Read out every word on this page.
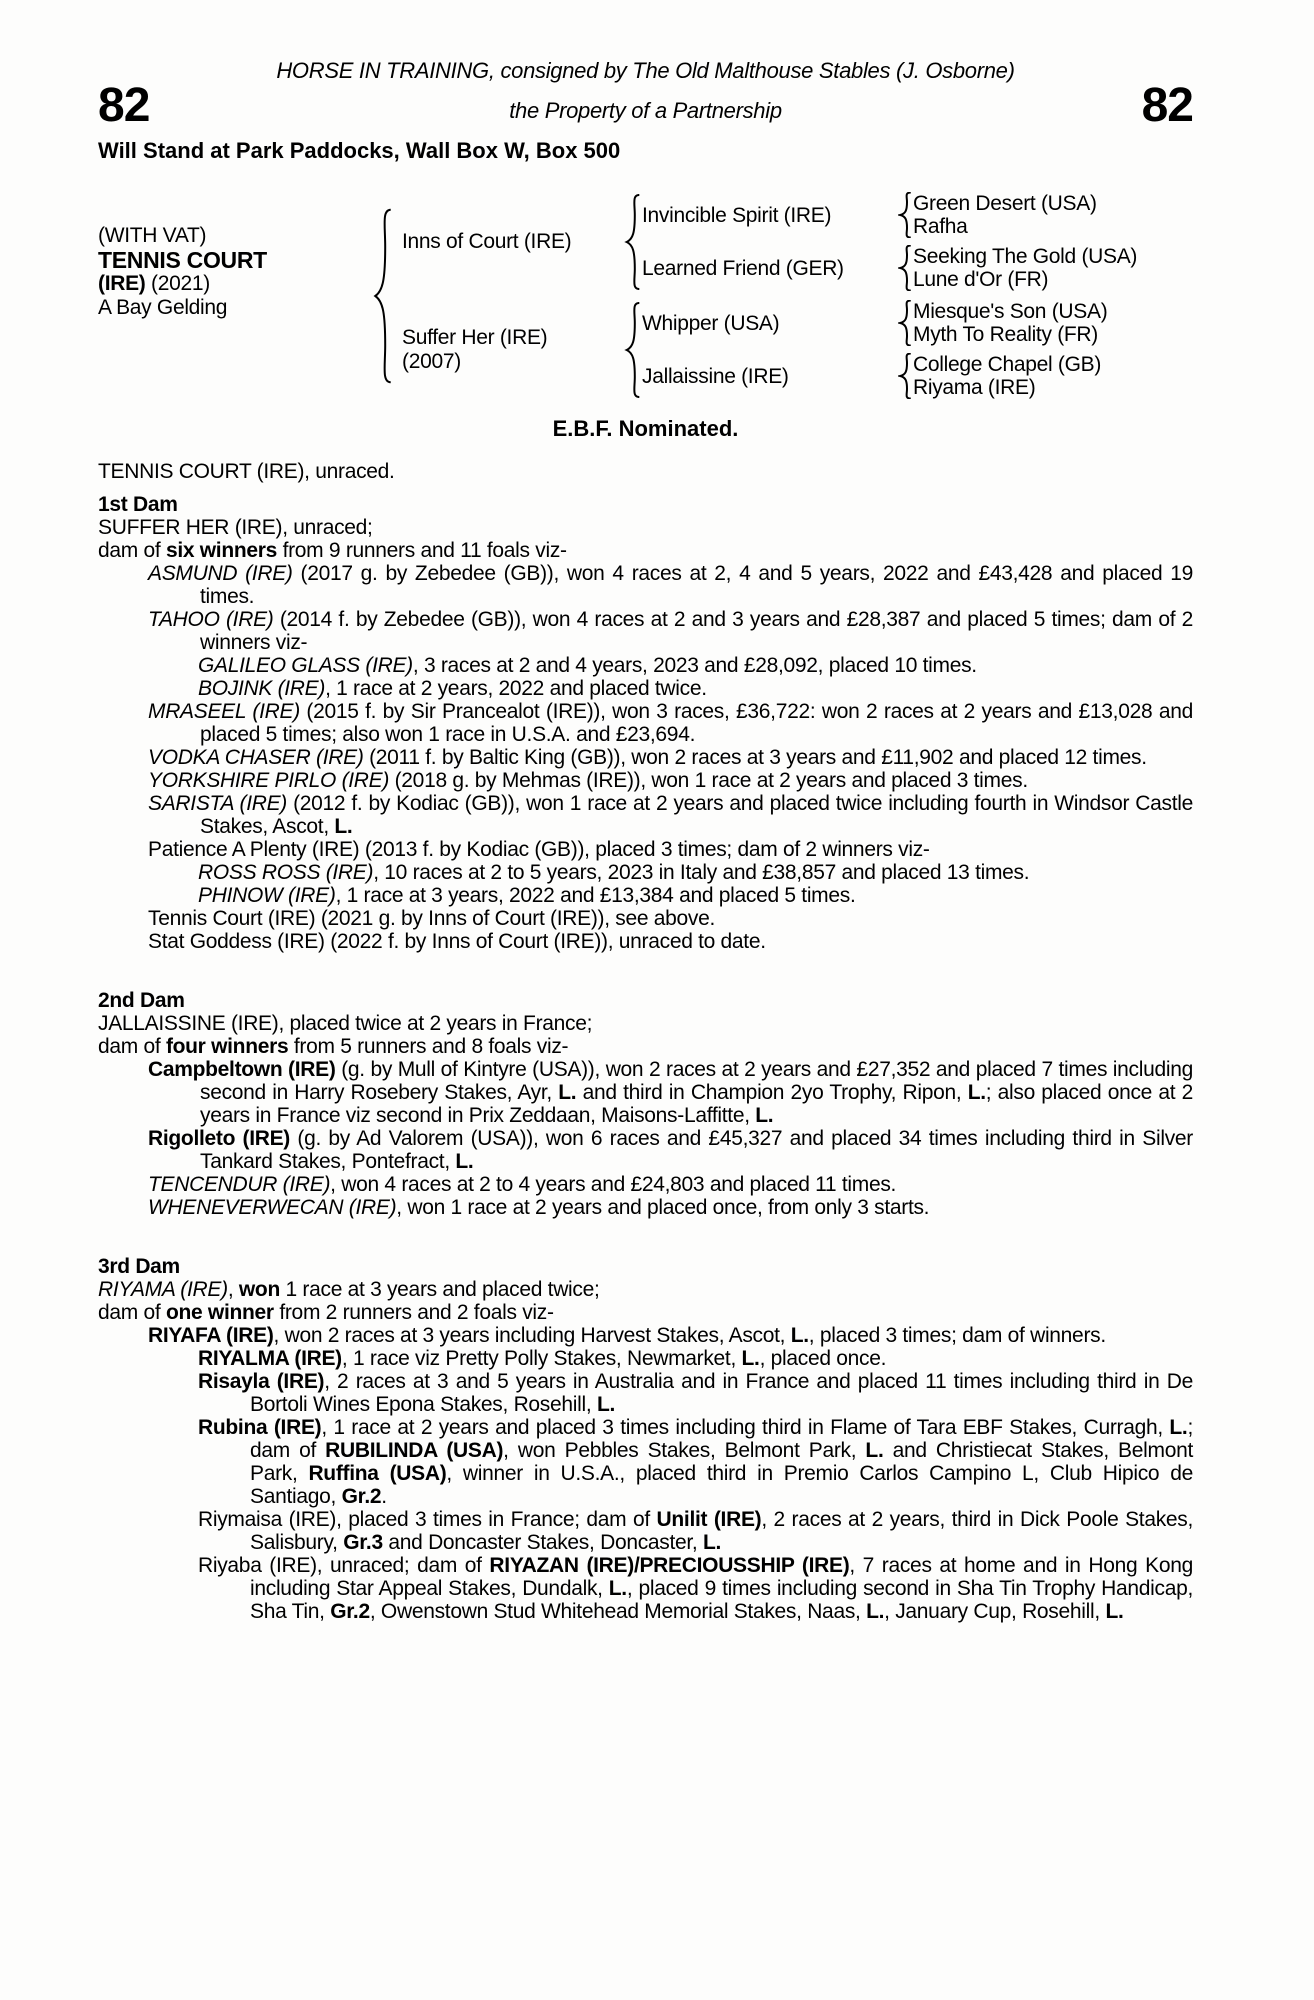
HORSE IN TRAINING, consigned by The Old Malthouse Stables (J. Osborne)
82	the Property of a Partnership	82
Will Stand at Park Paddocks, Wall Box W, Box 500
(WITH VAT)
TENNIS COURT
(IRE) (2021)
A Bay Gelding
Inns of Court (IRE)
Invincible Spirit (IRE)	Green Desert (USA)
Rafha
Learned Friend (GER)	Seeking The Gold (USA)
Lune d'Or (FR)
Suffer Her (IRE)
(2007)
Whipper (USA)	Miesque's Son (USA)
Myth To Reality (FR)
Jallaissine (IRE)	College Chapel (GB)
Riyama (IRE)
E.B.F. Nominated.
TENNIS COURT (IRE), unraced.
1st Dam
SUFFER HER (IRE), unraced;
dam of six winners from 9 runners and 11 foals viz-
ASMUND (IRE) (2017 g. by Zebedee (GB)), won 4 races at 2, 4 and 5 years, 2022 and £43,428 and placed 19 times.
TAHOO (IRE) (2014 f. by Zebedee (GB)), won 4 races at 2 and 3 years and £28,387 and placed 5 times; dam of 2 winners viz-
GALILEO GLASS (IRE), 3 races at 2 and 4 years, 2023 and £28,092, placed 10 times.
BOJINK (IRE), 1 race at 2 years, 2022 and placed twice.
MRASEEL (IRE) (2015 f. by Sir Prancealot (IRE)), won 3 races, £36,722: won 2 races at 2 years and £13,028 and placed 5 times; also won 1 race in U.S.A. and £23,694.
VODKA CHASER (IRE) (2011 f. by Baltic King (GB)), won 2 races at 3 years and £11,902 and placed 12 times.
YORKSHIRE PIRLO (IRE) (2018 g. by Mehmas (IRE)), won 1 race at 2 years and placed 3 times.
SARISTA (IRE) (2012 f. by Kodiac (GB)), won 1 race at 2 years and placed twice including fourth in Windsor Castle Stakes, Ascot, L.
Patience A Plenty (IRE) (2013 f. by Kodiac (GB)), placed 3 times; dam of 2 winners viz-
ROSS ROSS (IRE), 10 races at 2 to 5 years, 2023 in Italy and £38,857 and placed 13 times.
PHINOW (IRE), 1 race at 3 years, 2022 and £13,384 and placed 5 times.
Tennis Court (IRE) (2021 g. by Inns of Court (IRE)), see above.
Stat Goddess (IRE) (2022 f. by Inns of Court (IRE)), unraced to date.
2nd Dam
JALLAISSINE (IRE), placed twice at 2 years in France;
dam of four winners from 5 runners and 8 foals viz-
Campbeltown (IRE) (g. by Mull of Kintyre (USA)), won 2 races at 2 years and £27,352 and placed 7 times including second in Harry Rosebery Stakes, Ayr, L. and third in Champion 2yo Trophy, Ripon, L.; also placed once at 2 years in France viz second in Prix Zeddaan, Maisons-Laffitte, L.
Rigolleto (IRE) (g. by Ad Valorem (USA)), won 6 races and £45,327 and placed 34 times including third in Silver Tankard Stakes, Pontefract, L.
TENCENDUR (IRE), won 4 races at 2 to 4 years and £24,803 and placed 11 times.
WHENEVERWECAN (IRE), won 1 race at 2 years and placed once, from only 3 starts.
3rd Dam
RIYAMA (IRE), won 1 race at 3 years and placed twice;
dam of one winner from 2 runners and 2 foals viz-
RIYAFA (IRE), won 2 races at 3 years including Harvest Stakes, Ascot, L., placed 3 times; dam of winners.
RIYALMA (IRE), 1 race viz Pretty Polly Stakes, Newmarket, L., placed once.
Risayla (IRE), 2 races at 3 and 5 years in Australia and in France and placed 11 times including third in De Bortoli Wines Epona Stakes, Rosehill, L.
Rubina (IRE), 1 race at 2 years and placed 3 times including third in Flame of Tara EBF Stakes, Curragh, L.; dam of RUBILINDA (USA), won Pebbles Stakes, Belmont Park, L. and Christiecat Stakes, Belmont Park, Ruffina (USA), winner in U.S.A., placed third in Premio Carlos Campino L, Club Hipico de Santiago, Gr.2.
Riymaisa (IRE), placed 3 times in France; dam of Unilit (IRE), 2 races at 2 years, third in Dick Poole Stakes, Salisbury, Gr.3 and Doncaster Stakes, Doncaster, L.
Riyaba (IRE), unraced; dam of RIYAZAN (IRE)/PRECIOUSSHIP (IRE), 7 races at home and in Hong Kong including Star Appeal Stakes, Dundalk, L., placed 9 times including second in Sha Tin Trophy Handicap, Sha Tin, Gr.2, Owenstown Stud Whitehead Memorial Stakes, Naas, L., January Cup, Rosehill, L.
